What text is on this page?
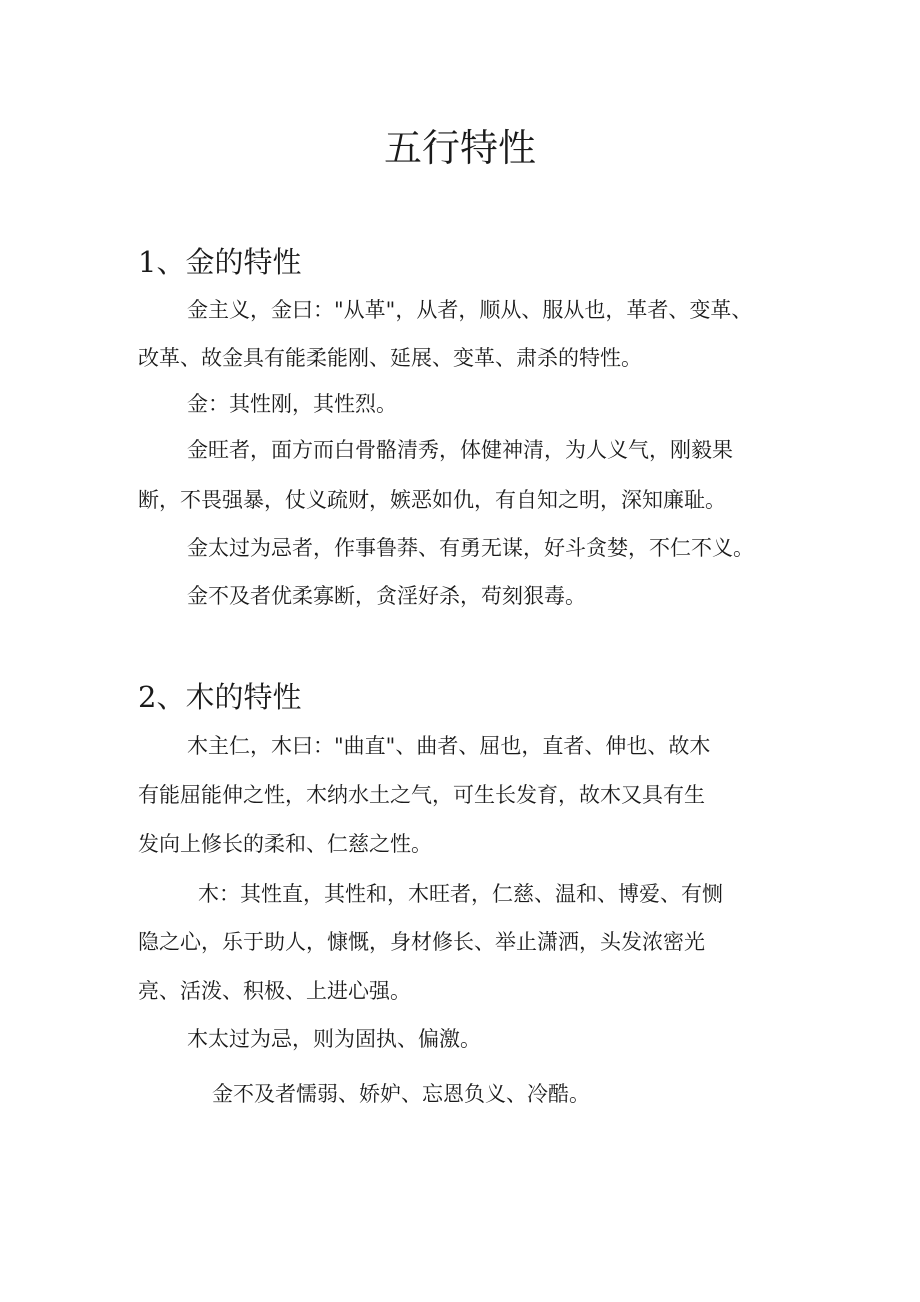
五行特性
1、金的特性

金主义，金曰："从革"，从者，顺从、服从也，革者、变革、

改革、故金具有能柔能刚、延展、变革、肃杀的特性。

金：其性刚，其性烈。

金旺者，面方而白骨骼清秀，体健神清，为人义气，刚毅果

断，不畏强暴，仗义疏财，嫉恶如仇，有自知之明，深知廉耻。

金太过为忌者，作事鲁莽、有勇无谋，好斗贪婪，不仁不义。

金不及者优柔寡断，贪淫好杀，苟刻狠毒。

2、木的特性

木主仁，木曰："曲直"、曲者、屈也，直者、伸也、故木

有能屈能伸之性，木纳水土之气，可生长发育，故木又具有生

发向上修长的柔和、仁慈之性。

木：其性直，其性和，木旺者，仁慈、温和、博爱、有恻

隐之心，乐于助人，慷慨，身材修长、举止潇洒，头发浓密光

亮、活泼、积极、上进心强。

木太过为忌，则为固执、偏激。

金不及者懦弱、娇妒、忘恩负义、冷酷。
